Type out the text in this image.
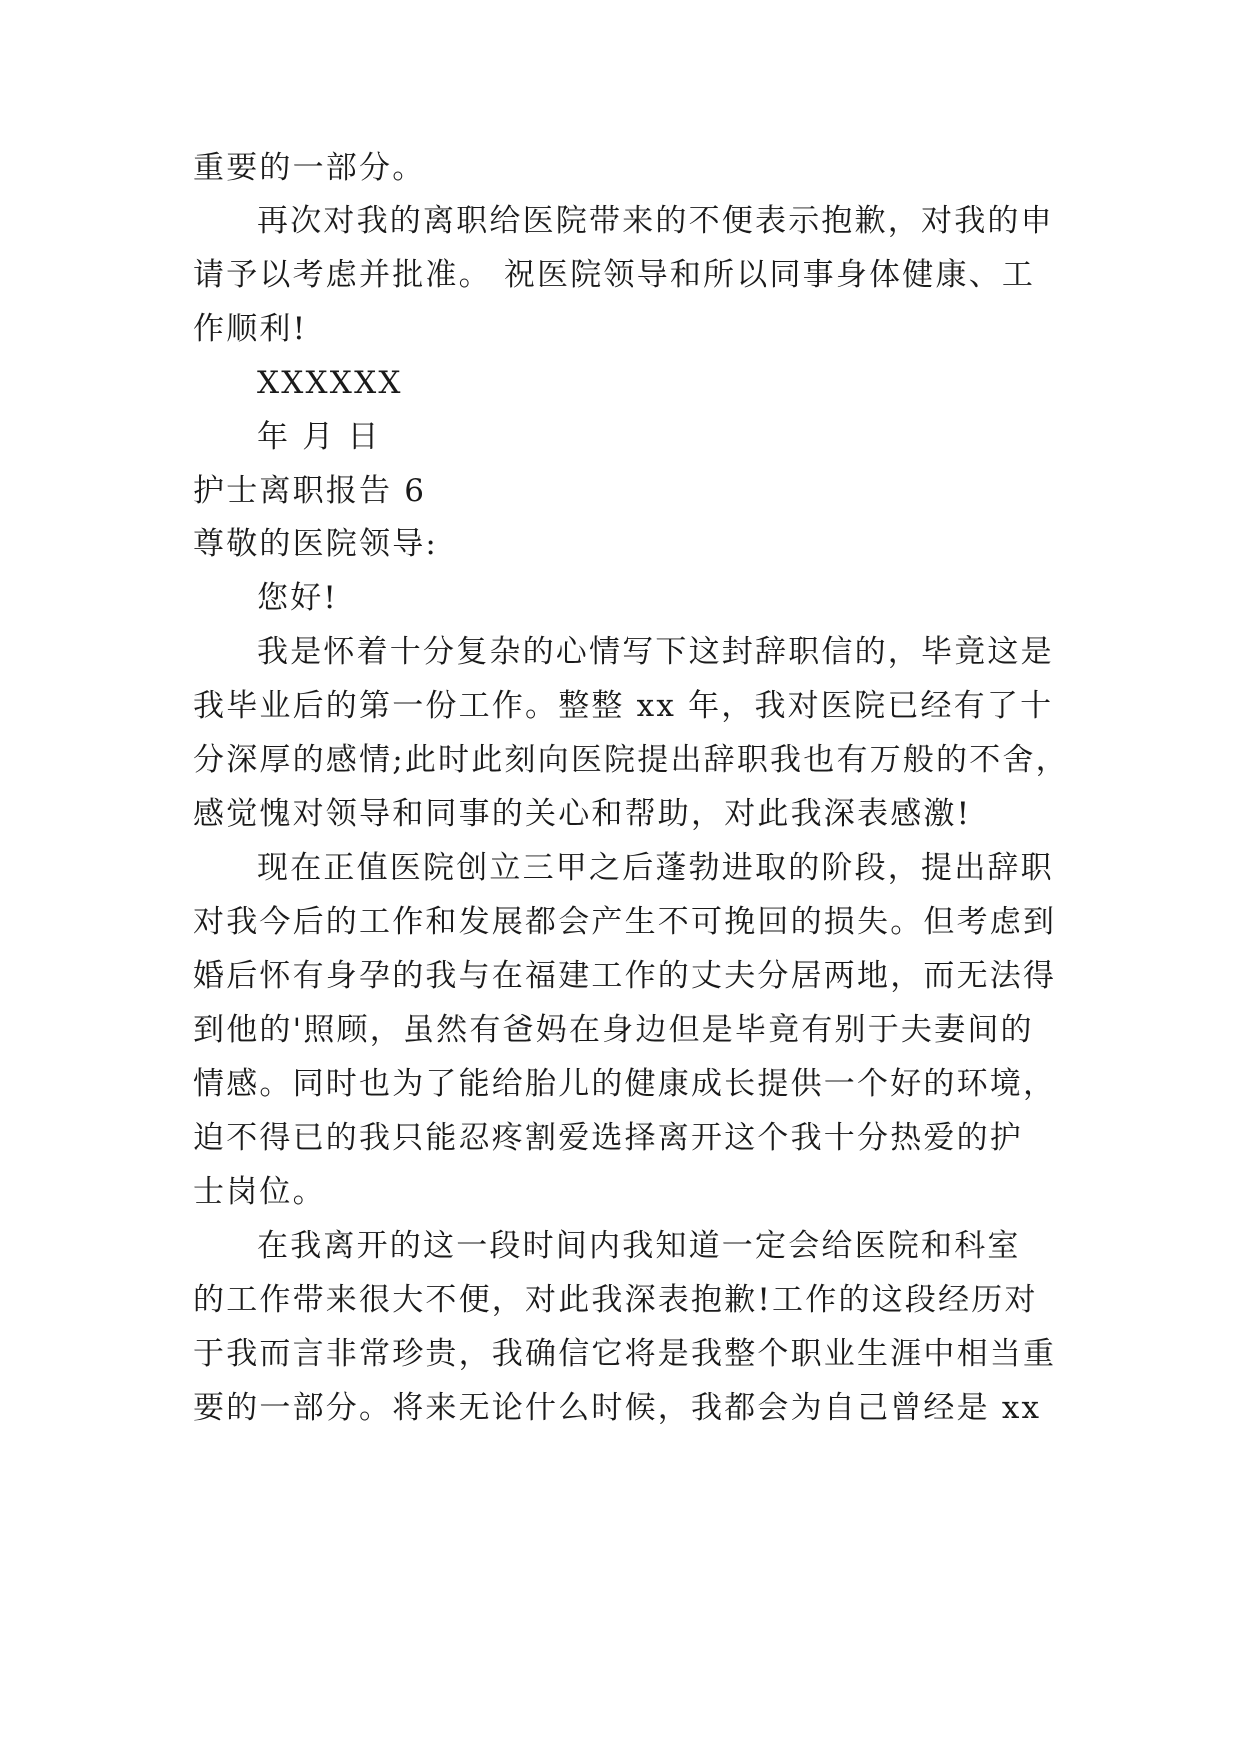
重要的一部分。
再次对我的离职给医院带来的不便表示抱歉，对我的申
请予以考虑并批准。 祝医院领导和所以同事身体健康、工
作顺利!
XXXXXX
年 月 日
护士离职报告 6
尊敬的医院领导:
您好!
我是怀着十分复杂的心情写下这封辞职信的，毕竟这是
我毕业后的第一份工作。整整 xx 年，我对医院已经有了十
分深厚的感情;此时此刻向医院提出辞职我也有万般的不舍，
感觉愧对领导和同事的关心和帮助，对此我深表感激!
现在正值医院创立三甲之后蓬勃进取的阶段，提出辞职
对我今后的工作和发展都会产生不可挽回的损失。但考虑到
婚后怀有身孕的我与在福建工作的丈夫分居两地，而无法得
到他的'照顾，虽然有爸妈在身边但是毕竟有别于夫妻间的
情感。同时也为了能给胎儿的健康成长提供一个好的环境，
迫不得已的我只能忍疼割爱选择离开这个我十分热爱的护
士岗位。
在我离开的这一段时间内我知道一定会给医院和科室
的工作带来很大不便，对此我深表抱歉!工作的这段经历对
于我而言非常珍贵，我确信它将是我整个职业生涯中相当重
要的一部分。将来无论什么时候，我都会为自己曾经是 xx
